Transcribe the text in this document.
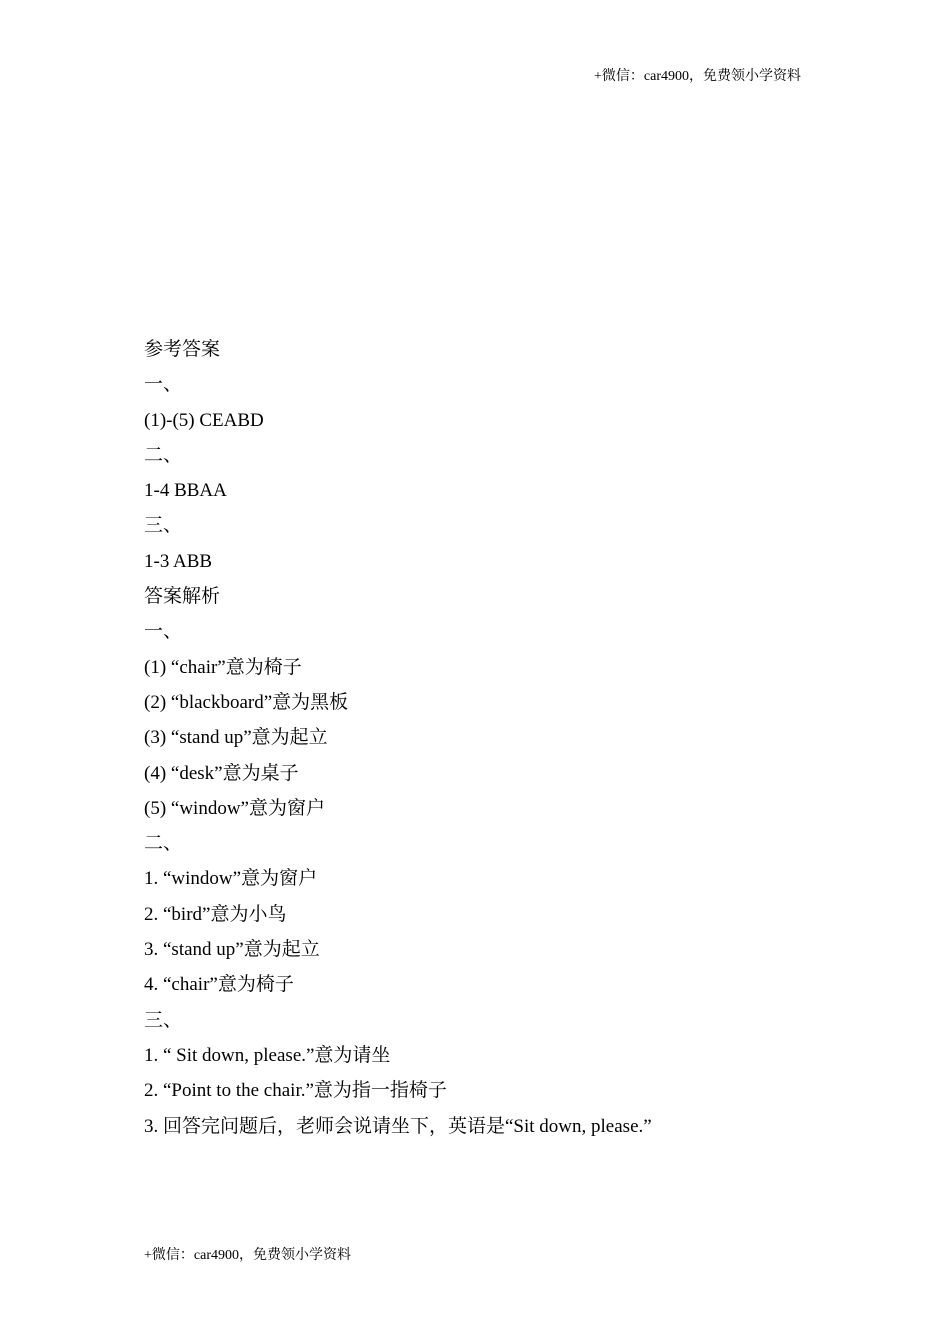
+微信：car4900，免费领小学资料
参考答案
一、
(1)-(5) CEABD
二、
1-4 BBAA
三、
1-3 ABB
答案解析
一、
(1) “chair”意为椅子
(2) “blackboard”意为黑板
(3) “stand up”意为起立
(4) “desk”意为桌子
(5) “window”意为窗户
二、
1. “window”意为窗户
2. “bird”意为小鸟
3. “stand up”意为起立
4. “chair”意为椅子
三、
1. “ Sit down, please.”意为请坐
2. “Point to the chair.”意为指一指椅子
3. 回答完问题后，老师会说请坐下，英语是“Sit down, please.”
+微信：car4900，免费领小学资料
